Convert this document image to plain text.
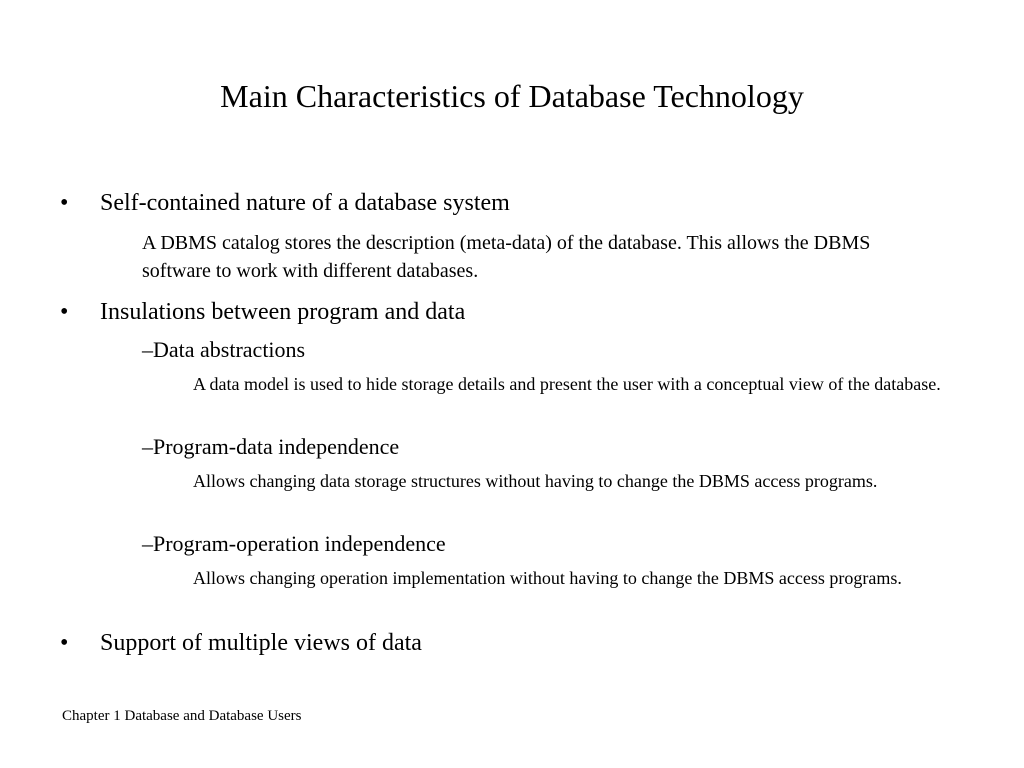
Main Characteristics of Database Technology
• Self-contained nature of a database system
A DBMS catalog stores the description (meta-data) of the database. This allows the DBMS software to work with different databases.
• Insulations between program and data
–Data abstractions
A data model is used to hide storage details and present the user with a conceptual view of the database.
–Program-data independence
Allows changing data storage structures without having to change the DBMS access programs.
–Program-operation independence
Allows changing operation implementation without having to change the DBMS access programs.
• Support of multiple views of data
Chapter 1 Database and Database Users
